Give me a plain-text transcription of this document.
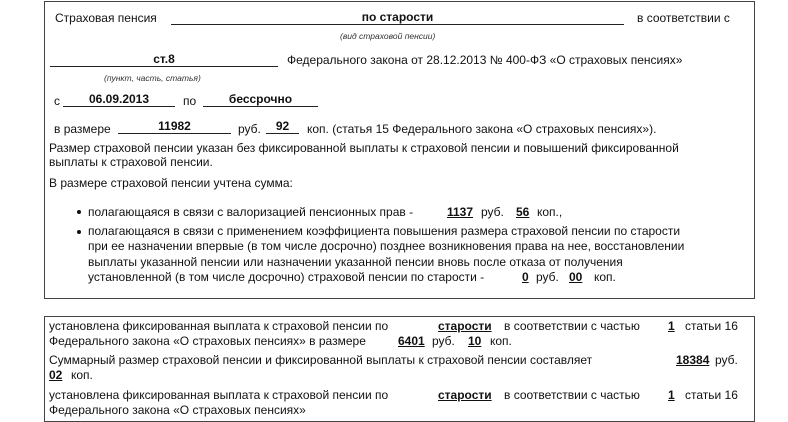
Страховая пенсия	по старости	в соответствии с
(вид страховой пенсии)
ст.8	Федерального закона от 28.12.2013 № 400-ФЗ «О страховых пенсиях»
(пункт, часть, статья)
с	06.09.2013	по	бессрочно
в размере	11982	руб.	92	коп. (статья 15 Федерального закона «О страховых пенсиях»).
Размер страховой пенсии указан без фиксированной выплаты к страховой пенсии и повышений фиксированной
выплаты к страховой пенсии.
В размере страховой пенсии учтена сумма:
полагающаяся в связи с валоризацией пенсионных прав -	1137 руб. 56 коп.,
полагающаяся в связи с применением коэффициента повышения размера страховой пенсии по старости
при ее назначении впервые (в том числе досрочно) позднее возникновения права на нее, восстановлении
выплаты указанной пенсии или назначении указанной пенсии вновь после отказа от получения
установленной (в том числе досрочно) страховой пенсии по старости -	0 руб. 00 коп.
установлена фиксированная выплата к страховой пенсии по	старости в соответствии с частью 1 статьи 16
Федерального закона «О страховых пенсиях» в размере	6401 руб. 10 коп.
Суммарный размер страховой пенсии и фиксированной выплаты к страховой пенсии составляет	18384 руб.
02 коп.
установлена фиксированная выплата к страховой пенсии по	старости в соответствии с частью 1 статьи 16
Федерального закона «О страховых пенсиях»
